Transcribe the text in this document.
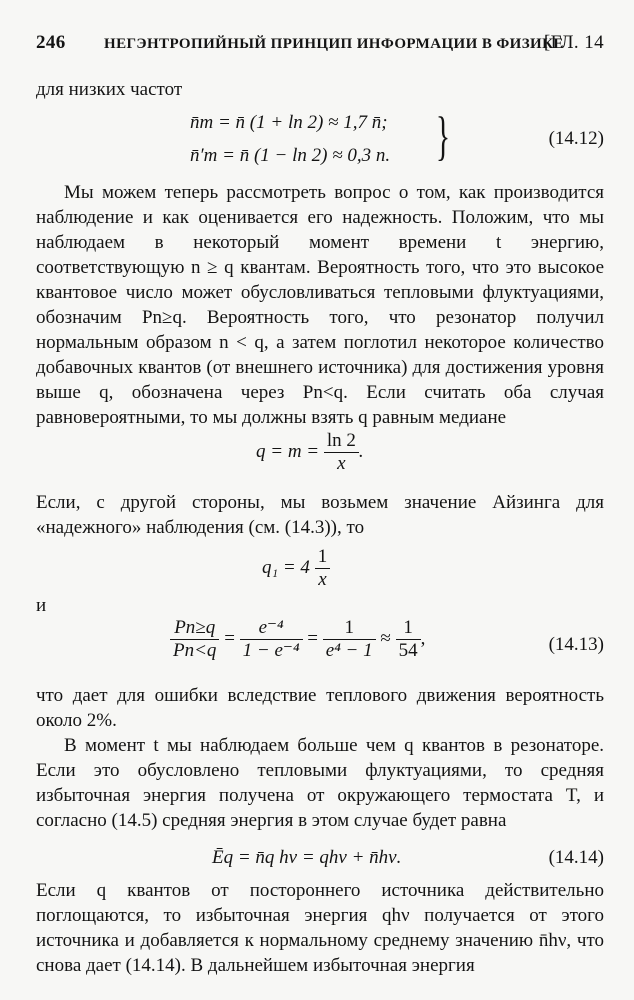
246	НЕГЭНТРОПИЙНЫЙ ПРИНЦИП ИНФОРМАЦИИ В ФИЗИКЕ
[ГЛ. 14
для низких частот
n̄m = n̄ (1 + ln 2) ≈ 1,7 n̄;
n̄′m = n̄ (1 − ln 2) ≈ 0,3 n. }	(14.12)
Мы можем теперь рассмотреть вопрос о том, как производится наблюдение и как оценивается его надежность. Положим, что мы наблюдаем в некоторый момент времени t энергию, соответствующую n ≥ q квантам. Вероятность того, что это высокое квантовое число может обусловливаться тепловыми флуктуациями, обозначим Pn≥q. Вероятность того, что резонатор получил нормальным образом n < q, а затем поглотил некоторое количество добавочных квантов (от внешнего источника) для достижения уровня выше q, обозначена через Pn<q. Если считать оба случая равновероятными, то мы должны взять q равным медиане
$q = m = \frac{\ln 2}{x}$ .
Если, с другой стороны, мы возьмем значение Айзинга для «надежного» наблюдения (см. (14.3)), то
$q_1 = 4 \frac{1}{x}$
и
$\frac{Pn\ge q}{Pn<q} = \frac{\text{e⁻⁴}}{\text{1 − e⁻⁴}} = \frac{1}{\text{e⁴ − 1}} \approx \frac{1}{54}$ ,	(14.13)
что дает для ошибки вследствие теплового движения вероятность около 2%.
В момент t мы наблюдаем больше чем q квантов в резонаторе. Если это обусловлено тепловыми флуктуациями, то средняя избыточная энергия получена от окружающего термостата T, и согласно (14.5) средняя энергия в этом случае будет равна
Ēq = n̄q hν = qhν + n̄hν.	(14.14)
Если q квантов от постороннего источника действительно поглощаются, то избыточная энергия qhν получается от этого источника и добавляется к нормальному среднему значению n̄hν, что снова дает (14.14). В дальнейшем избыточная энергия
